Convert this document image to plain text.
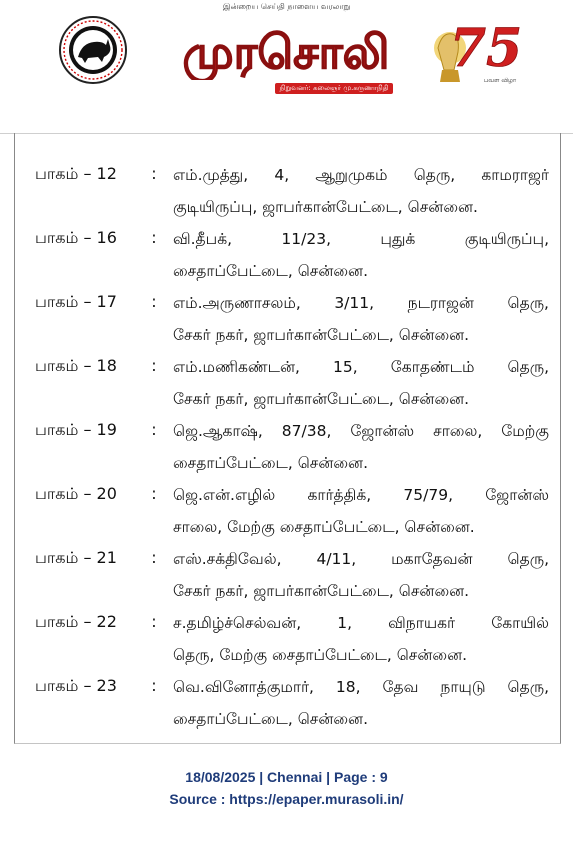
இன்றைய செய்தி நாளைய வரலாறு
முரசொலி
நிறுவனர்: கலைஞர் மு.கருணாநிதி
75
பவள விழா
பாகம் – 12	: எம்.முத்து, 4, ஆறுமுகம் தெரு, காமராஜர்
குடியிருப்பு, ஜாபர்கான்பேட்டை, சென்னை.
பாகம் – 16	: வி.தீபக், 11/23, புதுக் குடியிருப்பு,
சைதாப்பேட்டை, சென்னை.
பாகம் – 17	: எம்.அருணாசலம், 3/11, நடராஜன் தெரு,
சேகர் நகர், ஜாபர்கான்பேட்டை, சென்னை.
பாகம் – 18	: எம்.மணிகண்டன், 15, கோதண்டம் தெரு,
சேகர் நகர், ஜாபர்கான்பேட்டை, சென்னை.
பாகம் – 19	: ஜெ.ஆகாஷ், 87/38, ஜோன்ஸ் சாலை, மேற்கு
சைதாப்பேட்டை, சென்னை.
பாகம் – 20	: ஜெ.என்.எழில் கார்த்திக், 75/79, ஜோன்ஸ்
சாலை, மேற்கு சைதாப்பேட்டை, சென்னை.
பாகம் – 21	: எஸ்.சக்திவேல், 4/11, மகாதேவன் தெரு,
சேகர் நகர், ஜாபர்கான்பேட்டை, சென்னை.
பாகம் – 22	: ச.தமிழ்ச்செல்வன், 1, விநாயகர் கோயில்
தெரு, மேற்கு சைதாப்பேட்டை, சென்னை.
பாகம் – 23	: வெ.வினோத்குமார், 18, தேவ நாயுடு தெரு,
சைதாப்பேட்டை, சென்னை.
18/08/2025 | Chennai | Page : 9
Source : https://epaper.murasoli.in/
